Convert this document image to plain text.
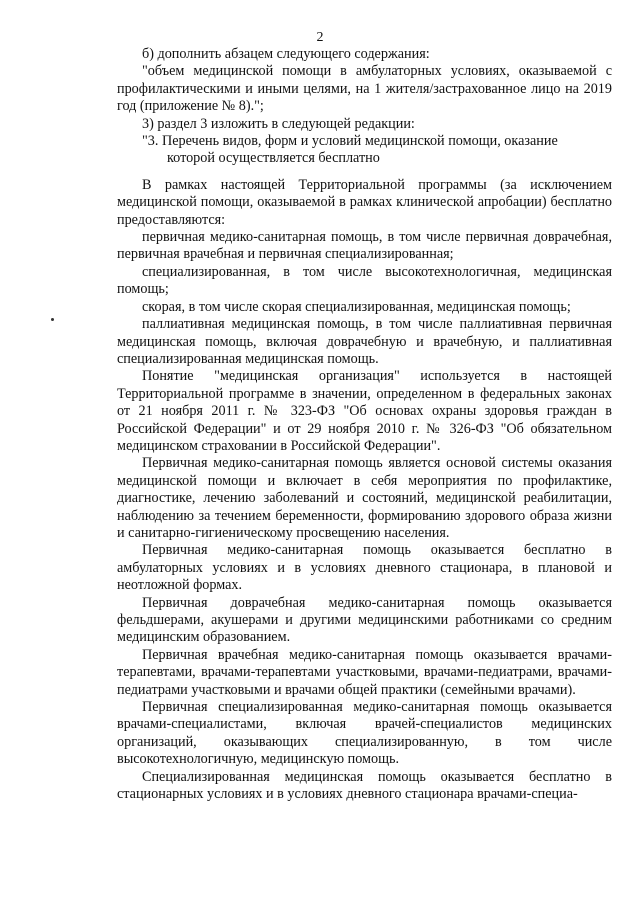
2

б) дополнить абзацем следующего содержания:

"объем медицинской помощи в амбулаторных условиях, оказываемой с профилактическими и иными целями, на 1 жителя/застрахованное лицо на 2019 год (приложение № 8).";

3) раздел 3 изложить в следующей редакции:

"3. Перечень видов, форм и условий медицинской помощи, оказание
которой осуществляется бесплатно

В рамках настоящей Территориальной программы (за исключением медицинской помощи, оказываемой в рамках клинической апробации) бесплатно предоставляются:

первичная медико-санитарная помощь, в том числе первичная доврачебная, первичная врачебная и первичная специализированная;

специализированная, в том числе высокотехнологичная, медицинская помощь;

скорая, в том числе скорая специализированная, медицинская помощь;

паллиативная медицинская помощь, в том числе паллиативная первичная медицинская помощь, включая доврачебную и врачебную, и паллиативная специализированная медицинская помощь.

Понятие "медицинская организация" используется в настоящей Территориальной программе в значении, определенном в федеральных законах от 21 ноября 2011 г. № 323-ФЗ "Об основах охраны здоровья граждан в Российской Федерации" и от 29 ноября 2010 г. № 326-ФЗ "Об обязательном медицинском страховании в Российской Федерации".

Первичная медико-санитарная помощь является основой системы оказания медицинской помощи и включает в себя мероприятия по профилактике, диагностике, лечению заболеваний и состояний, медицинской реабилитации, наблюдению за течением беременности, формированию здорового образа жизни и санитарно-гигиеническому просвещению населения.

Первичная медико-санитарная помощь оказывается бесплатно в амбулаторных условиях и в условиях дневного стационара, в плановой и неотложной формах.

Первичная доврачебная медико-санитарная помощь оказывается фельдшерами, акушерами и другими медицинскими работниками со средним медицинским образованием.

Первичная врачебная медико-санитарная помощь оказывается врачами-терапевтами, врачами-терапевтами участковыми, врачами-педиатрами, врачами-педиатрами участковыми и врачами общей практики (семейными врачами).

Первичная специализированная медико-санитарная помощь оказывается врачами-специалистами, включая врачей-специалистов медицинских организаций, оказывающих специализированную, в том числе высокотехнологичную, медицинскую помощь.

Специализированная медицинская помощь оказывается бесплатно в стационарных условиях и в условиях дневного стационара врачами-специа-
